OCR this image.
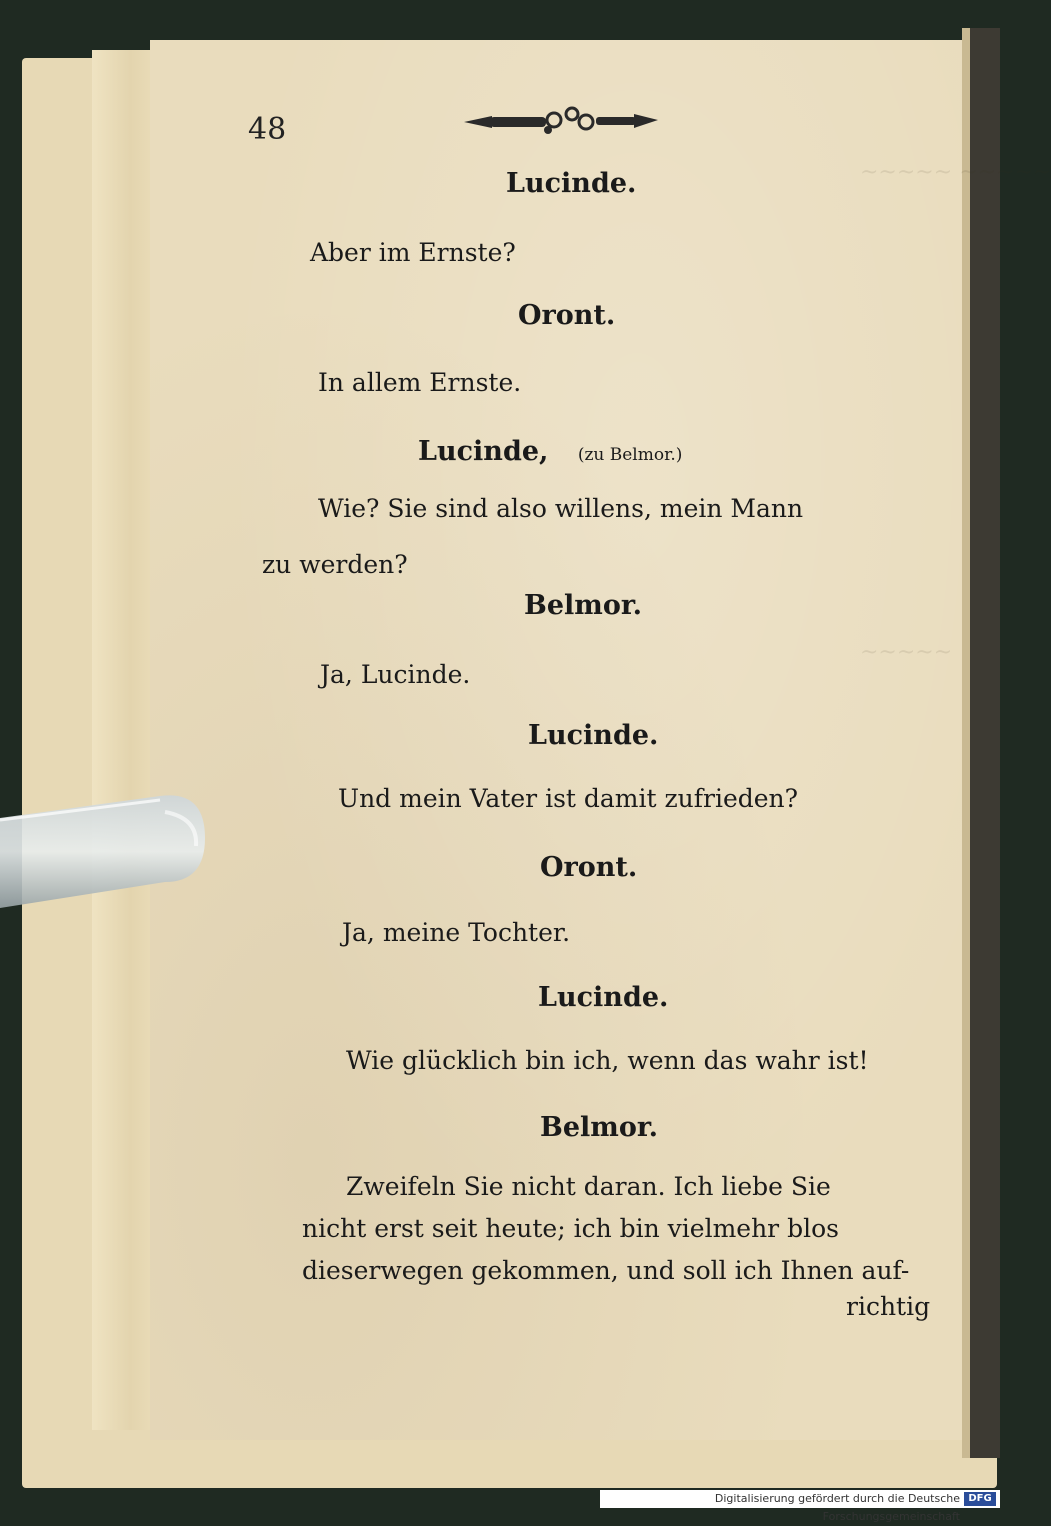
~~~~~ ~~~~~
~~~~~
48
Lucinde.
Aber im Ernste?
Oront.
In allem Ernste.
Lucinde, (zu Belmor.)
Wie? Sie sind also willens, mein Mann
zu werden?
Belmor.
Ja, Lucinde.
Lucinde.
Und mein Vater ist damit zufrieden?
Oront.
Ja, meine Tochter.
Lucinde.
Wie glücklich bin ich, wenn das wahr ist!
Belmor.
Zweifeln Sie nicht daran. Ich liebe Sie
nicht erst seit heute; ich bin vielmehr blos
dieserwegen gekommen, und soll ich Ihnen auf-
richtig
Digitalisierung gefördert durch die Deutsche Forschungsgemeinschaft
DFG
